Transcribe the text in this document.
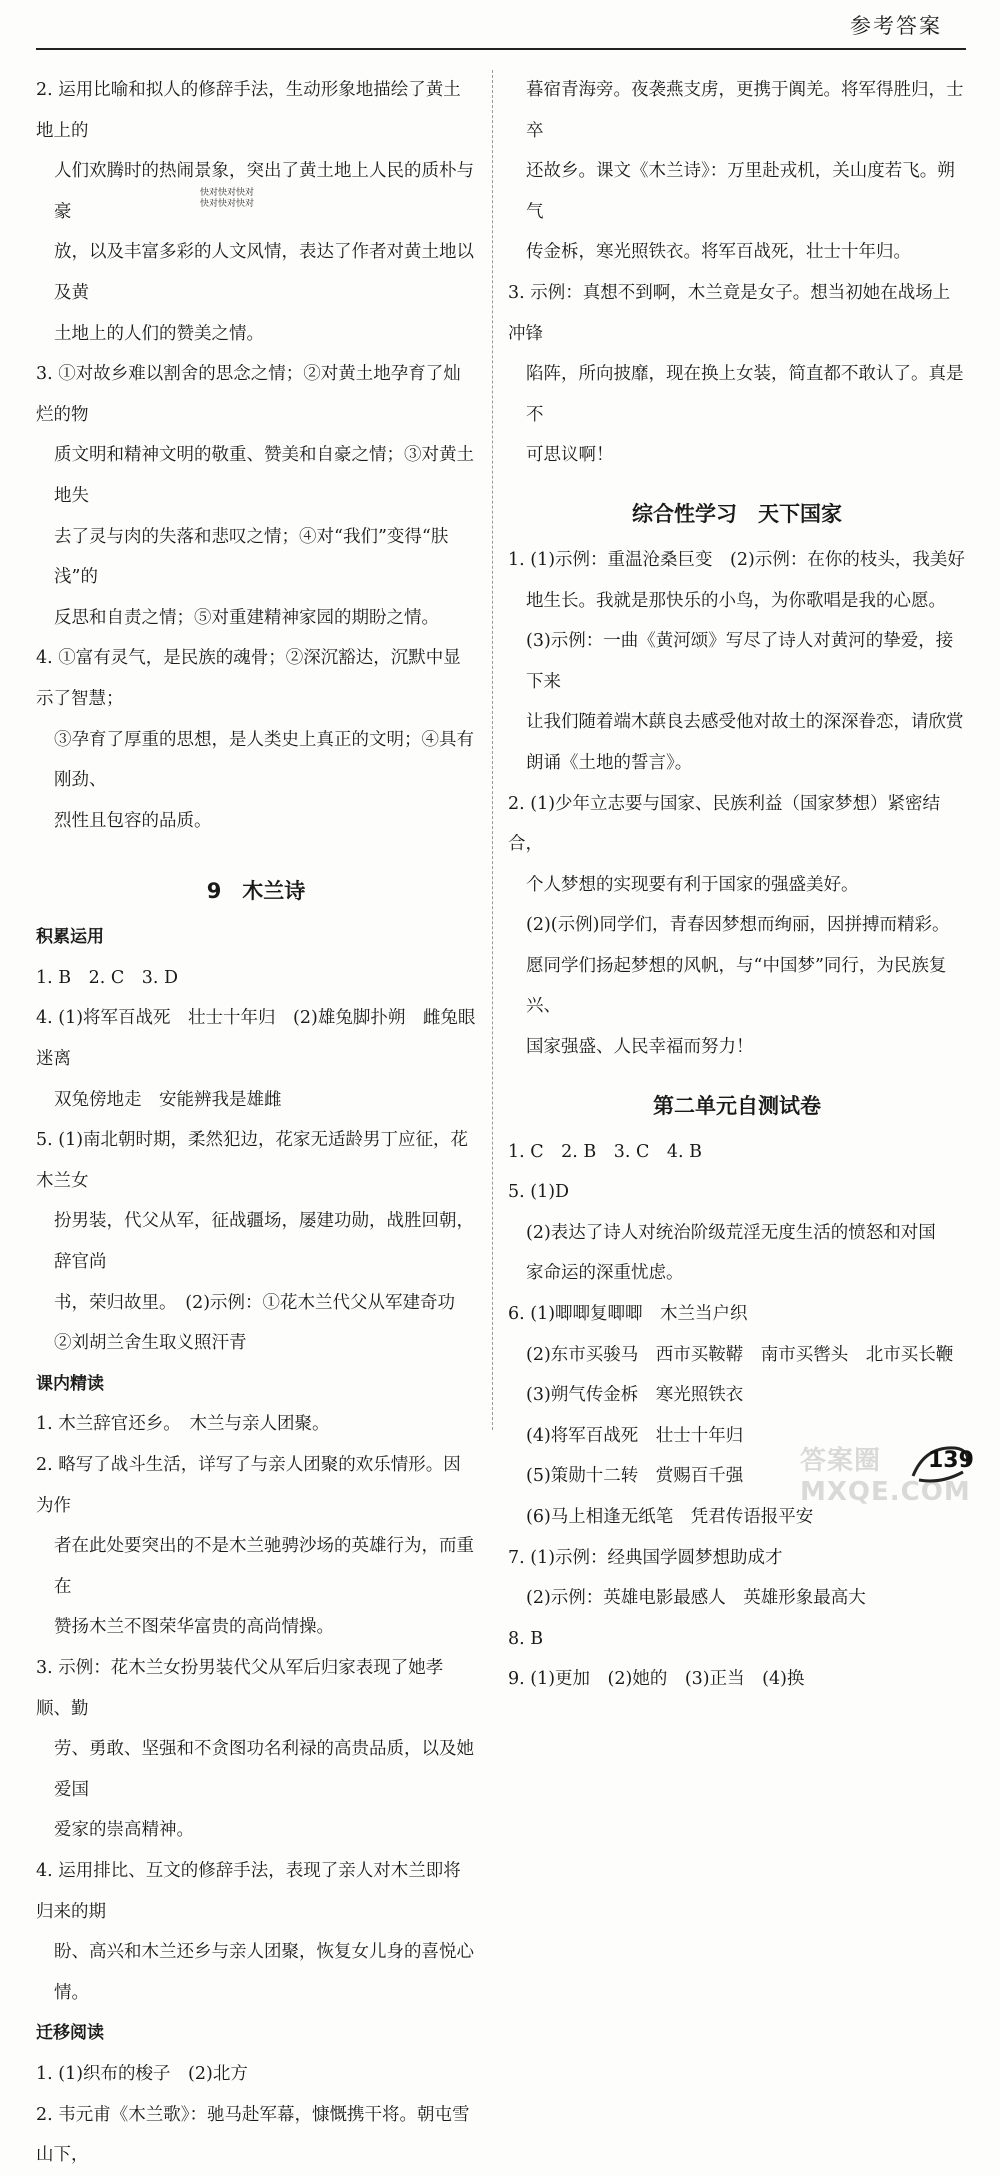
参考答案
2. 运用比喻和拟人的修辞手法，生动形象地描绘了黄土地上的
人们欢腾时的热闹景象，突出了黄土地上人民的质朴与豪
放，以及丰富多彩的人文风情，表达了作者对黄土地以及黄
土地上的人们的赞美之情。
3. ①对故乡难以割舍的思念之情；②对黄土地孕育了灿烂的物
质文明和精神文明的敬重、赞美和自豪之情；③对黄土地失
去了灵与肉的失落和悲叹之情；④对“我们”变得“肤浅”的
反思和自责之情；⑤对重建精神家园的期盼之情。
4. ①富有灵气，是民族的魂骨；②深沉豁达，沉默中显示了智慧；
③孕育了厚重的思想，是人类史上真正的文明；④具有刚劲、
烈性且包容的品质。
9　木兰诗
积累运用
1. B　2. C　3. D
4. (1)将军百战死　壮士十年归　(2)雄兔脚扑朔　雌兔眼迷离
双兔傍地走　安能辨我是雄雌
5. (1)南北朝时期，柔然犯边，花家无适龄男丁应征，花木兰女
扮男装，代父从军，征战疆场，屡建功勋，战胜回朝，辞官尚
书，荣归故里。　(2)示例：①花木兰代父从军建奇功
②刘胡兰舍生取义照汗青
课内精读
1. 木兰辞官还乡。　木兰与亲人团聚。
2. 略写了战斗生活，详写了与亲人团聚的欢乐情形。因为作
者在此处要突出的不是木兰驰骋沙场的英雄行为，而重在
赞扬木兰不图荣华富贵的高尚情操。
3. 示例：花木兰女扮男装代父从军后归家表现了她孝顺、勤
劳、勇敢、坚强和不贪图功名利禄的高贵品质，以及她爱国
爱家的崇高精神。
4. 运用排比、互文的修辞手法，表现了亲人对木兰即将归来的期
盼、高兴和木兰还乡与亲人团聚，恢复女儿身的喜悦心情。
迁移阅读
1. (1)织布的梭子　(2)北方
2. 韦元甫《木兰歌》：驰马赴军幕，慷慨携干将。朝屯雪山下，
暮宿青海旁。夜袭燕支虏，更携于阗羌。将军得胜归，士卒
还故乡。课文《木兰诗》：万里赴戎机，关山度若飞。朔气
传金柝，寒光照铁衣。将军百战死，壮士十年归。
3. 示例：真想不到啊，木兰竟是女子。想当初她在战场上冲锋
陷阵，所向披靡，现在换上女装，简直都不敢认了。真是不
可思议啊！
综合性学习　天下国家
1. (1)示例：重温沧桑巨变　(2)示例：在你的枝头，我美好
地生长。我就是那快乐的小鸟，为你歌唱是我的心愿。
(3)示例：一曲《黄河颂》写尽了诗人对黄河的挚爱，接下来
让我们随着端木蕻良去感受他对故土的深深眷恋，请欣赏
朗诵《土地的誓言》。
2. (1)少年立志要与国家、民族利益（国家梦想）紧密结合，
个人梦想的实现要有利于国家的强盛美好。
(2)(示例)同学们，青春因梦想而绚丽，因拼搏而精彩。
愿同学们扬起梦想的风帆，与“中国梦”同行，为民族复兴、
国家强盛、人民幸福而努力！
第二单元自测试卷
1. C　2. B　3. C　4. B
5. (1)D
(2)表达了诗人对统治阶级荒淫无度生活的愤怒和对国
家命运的深重忧虑。
6. (1)唧唧复唧唧　木兰当户织
(2)东市买骏马　西市买鞍鞯　南市买辔头　北市买长鞭
(3)朔气传金柝　寒光照铁衣
(4)将军百战死　壮士十年归
(5)策勋十二转　赏赐百千强
(6)马上相逢无纸笔　凭君传语报平安
7. (1)示例：经典国学圆梦想助成才
(2)示例：英雄电影最感人　英雄形象最高大
8. B
9. (1)更加　(2)她的　(3)正当　(4)换
快对快对快对
快对快对快对
答案圈 MXQE.COM
139
